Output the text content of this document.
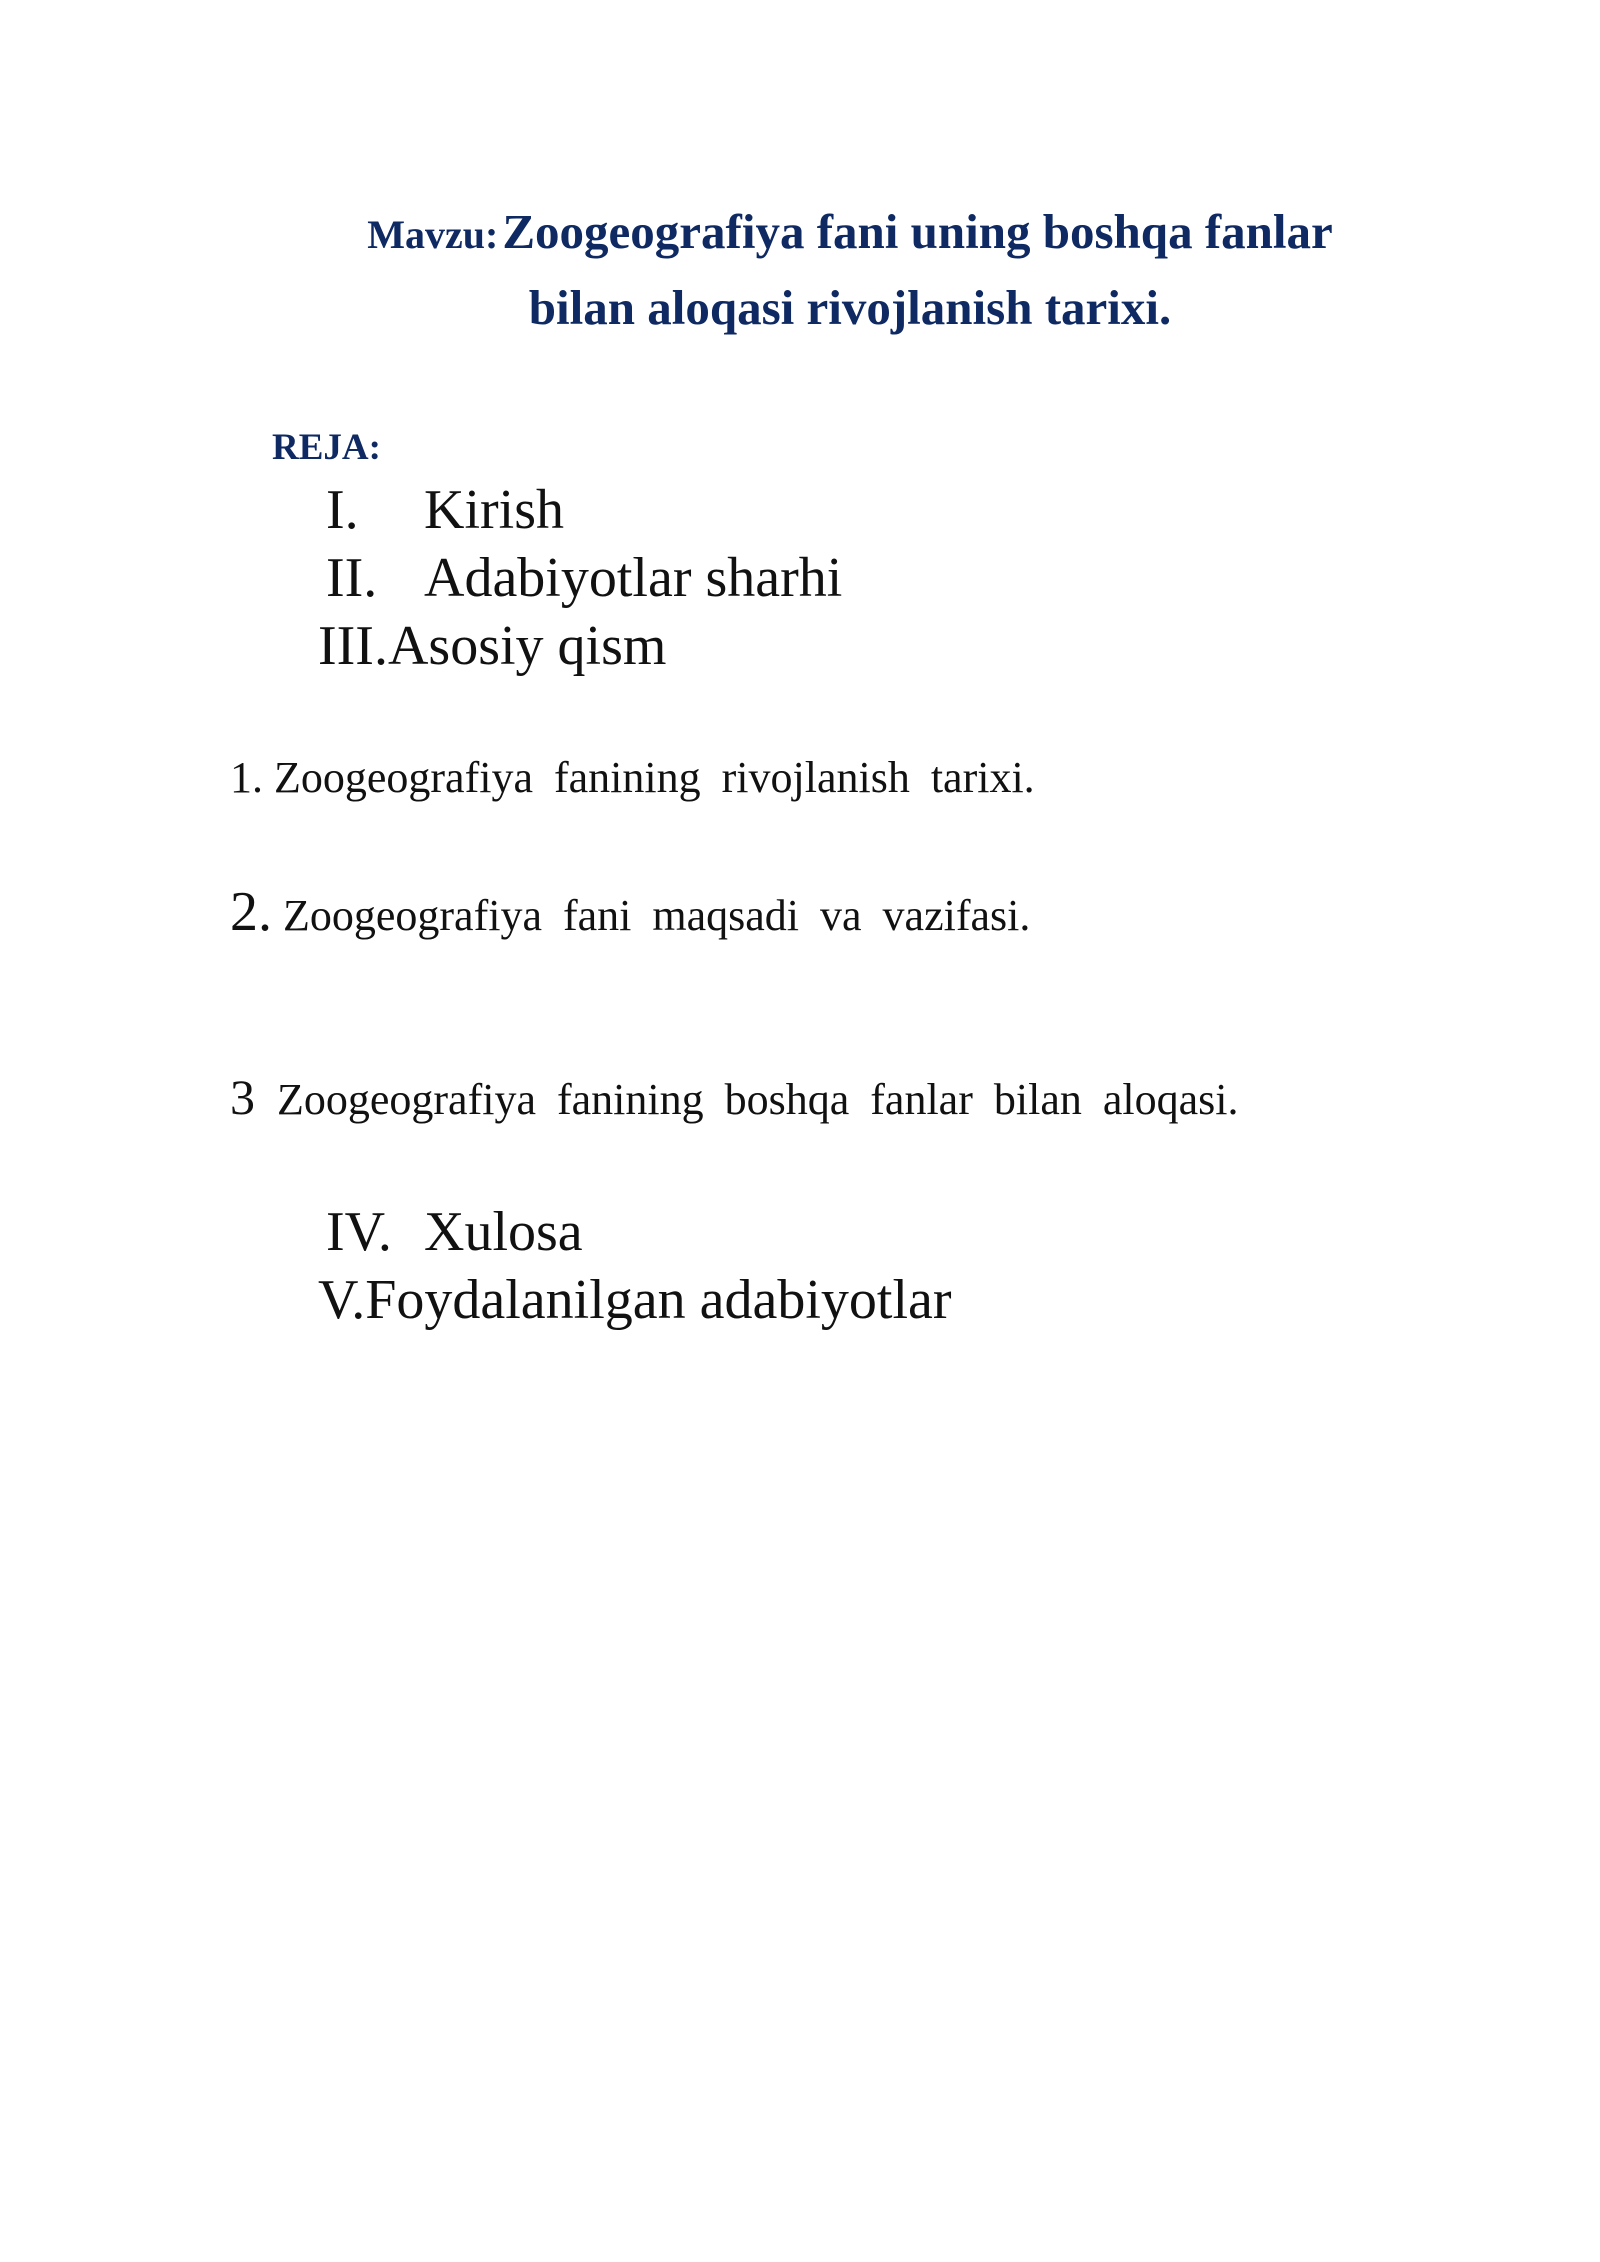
Mavzu: Zoogeografiya fani uning boshqa fanlar
bilan aloqasi rivojlanish tarixi.
REJA:
I. Kirish
II. Adabiyotlar sharhi
III.Asosiy qism
1. Zoogeografiya fanining rivojlanish tarixi.
2. Zoogeografiya fani maqsadi va vazifasi.
3 Zoogeografiya fanining boshqa fanlar bilan aloqasi.
IV. Xulosa
V.Foydalanilgan adabiyotlar
